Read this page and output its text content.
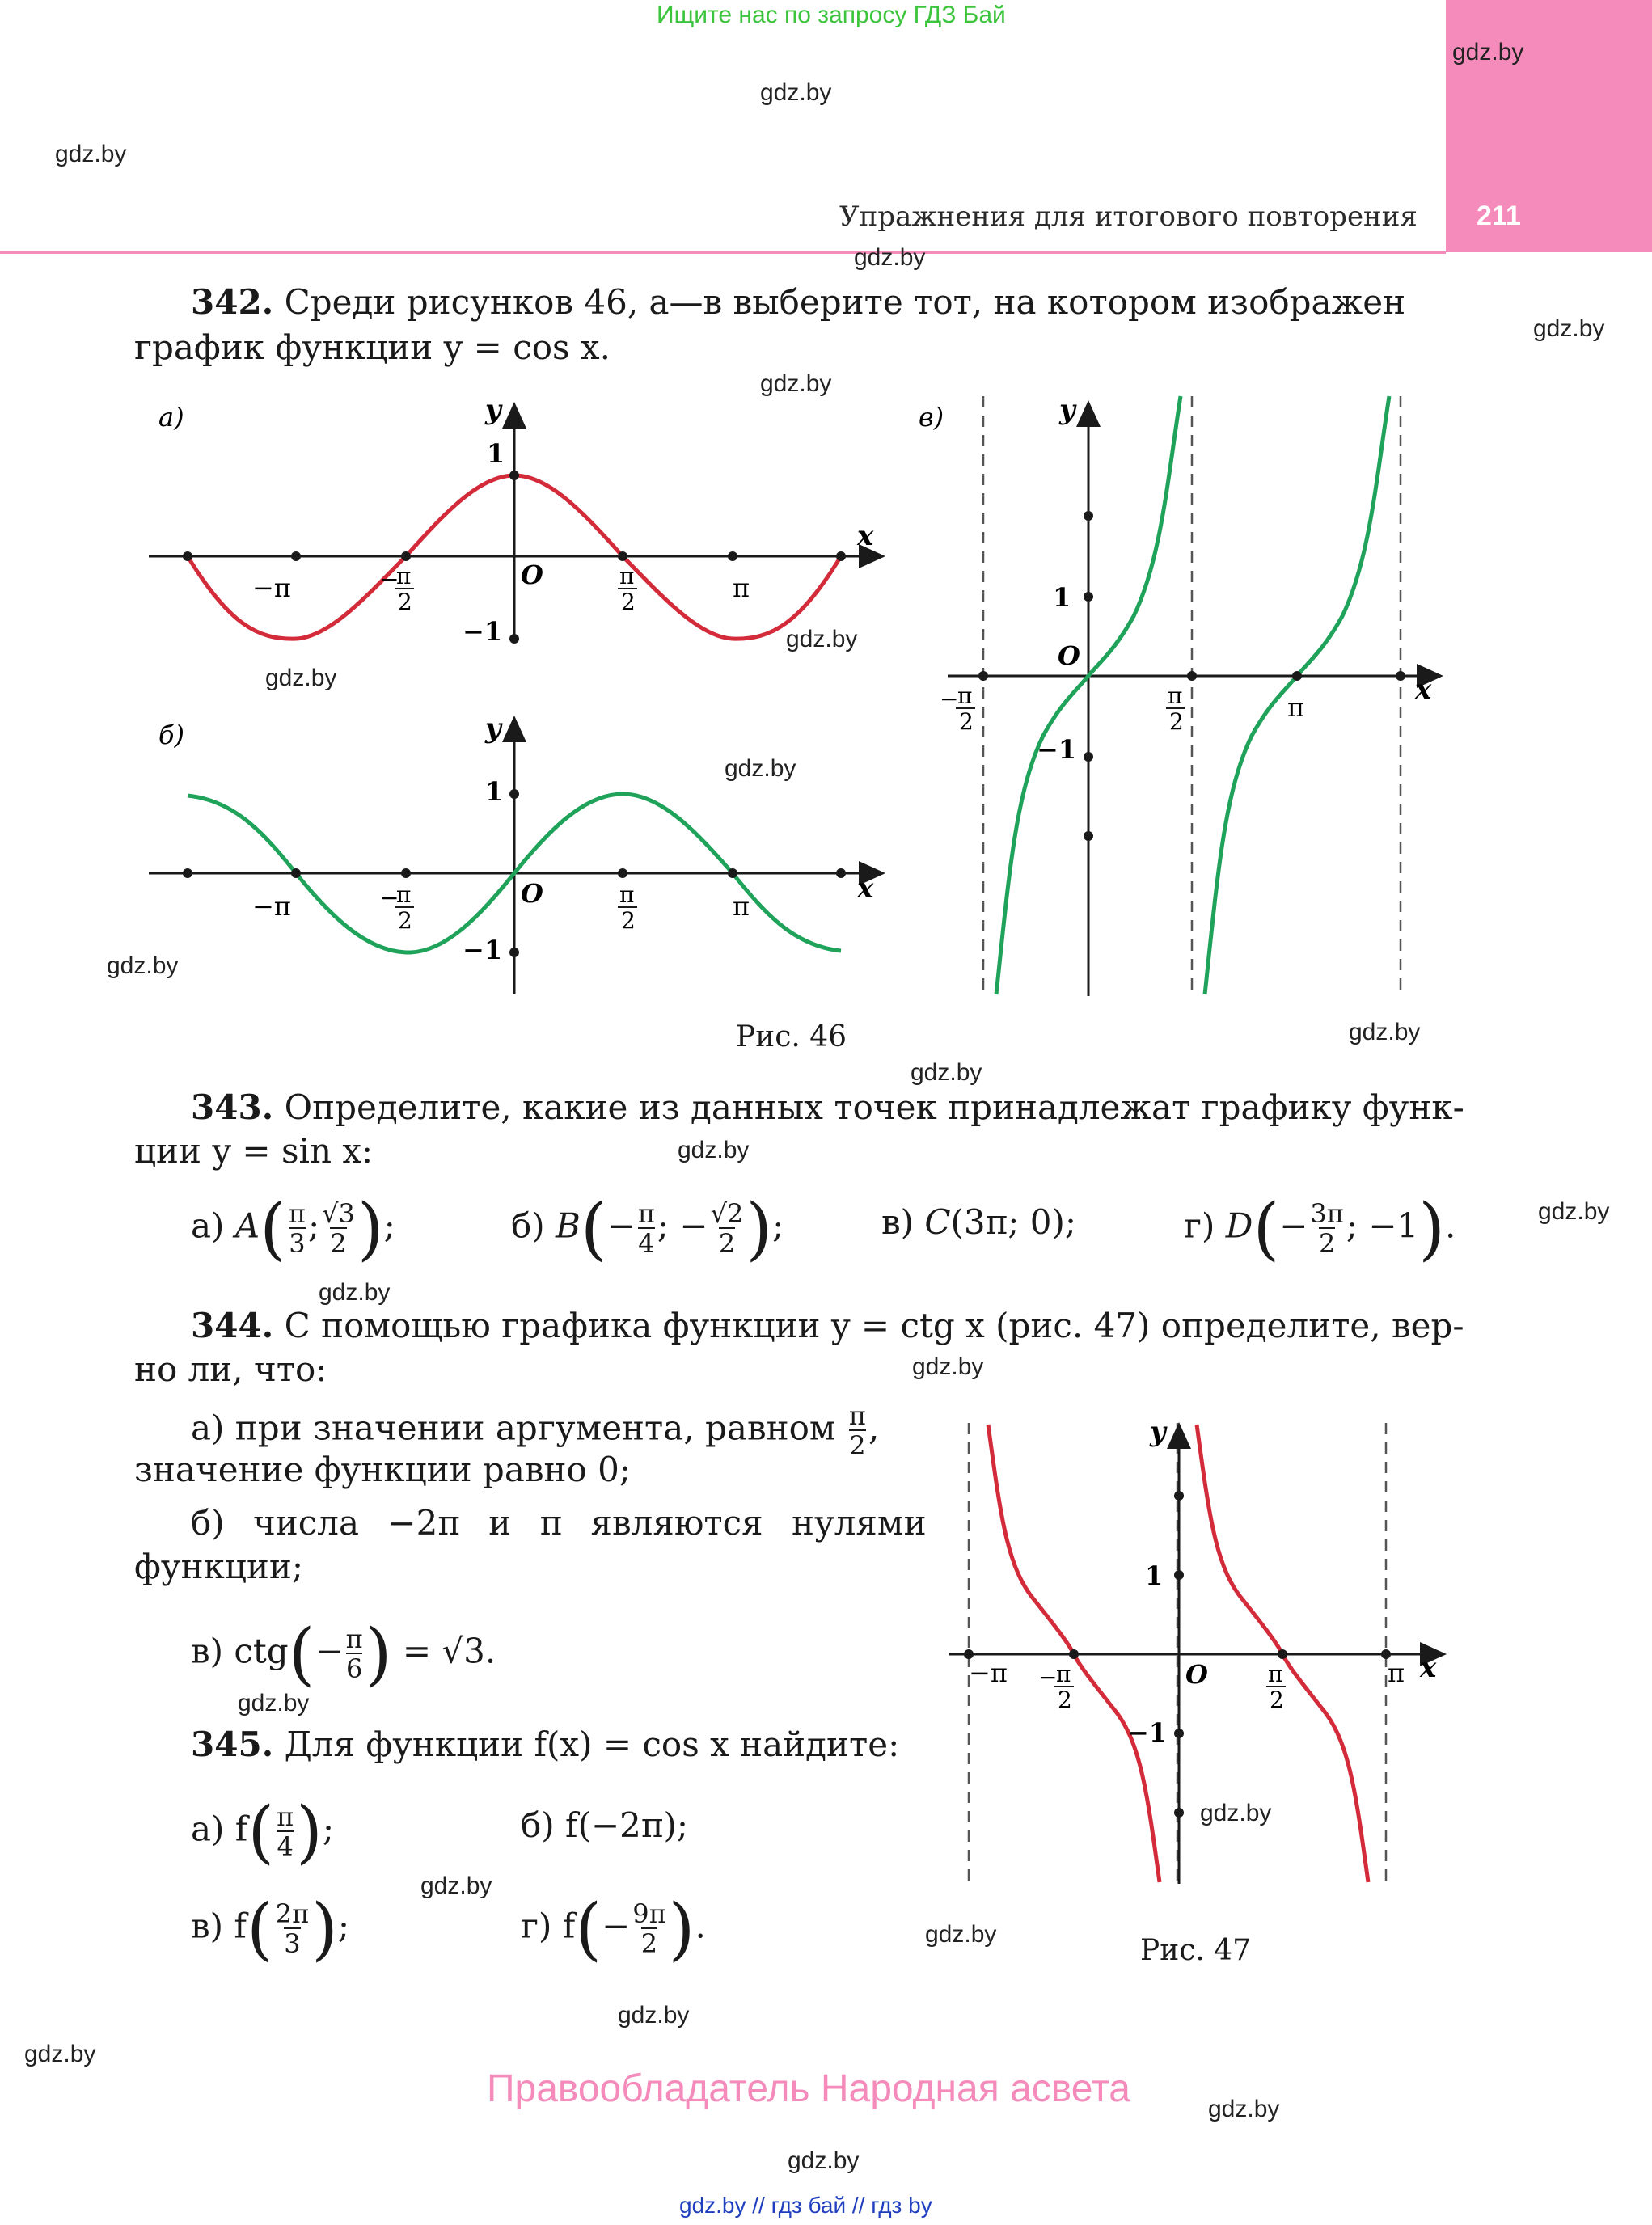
Ищите нас по запросу ГДЗ Бай
Упражнения для итогового повторения 211
gdz.by
gdz.by
gdz.by
gdz.by
gdz.by
gdz.by
gdz.by
gdz.by
gdz.by
gdz.by
gdz.by
gdz.by
gdz.by
gdz.by
gdz.by
gdz.by
gdz.by
gdz.by
gdz.by
gdz.by
gdz.by
gdz.by
gdz.by
gdz.by
342. Среди рисунков 46, а—в выберите тот, на котором изображен
график функции y = cos x.
а)
x
y
O
−π	π
1
−1
−
π
2
π
2
б)
x
y
O
−π	π
1
−1
−
π
2
π
2
в)
x
y
O
1
−1
π
−
π
2
π
2
Рис. 46
343. Определите, какие из данных точек принадлежат графику функ-
ции y = sin x:
а) $A( \frac{\pi}{3}$ ; $\frac{√3}{2}$ );	б) $B(- \frac{\pi}{4}$ ; − $\frac{√2}{2}$ );	в) C(3π; 0);	г) $D(- \frac{3\pi}{2}$ ; −1).
344. С помощью графика функции y = ctg x (рис. 47) определите, вер-
но ли, что:
а) при значении аргумента, равном $\frac{\pi}{2}$ ,
значение функции равно 0;
б) числа −2π и π являются нулями
функции;
в) $ctg(- \frac{\pi}{6}$ ) = √3.
345. Для функции f(x) = cos x найдите:
а) $f( \frac{\pi}{4}$ );	б) f(−2π);
в) $f( \frac{2\pi}{3}$ );	г) $f(- \frac{9\pi}{2}$ ).
x
y
O
1
−1
−π	π
−
π
2
π
2
Рис. 47
Правообладатель Народная асвета
gdz.by // гдз бай // гдз by
